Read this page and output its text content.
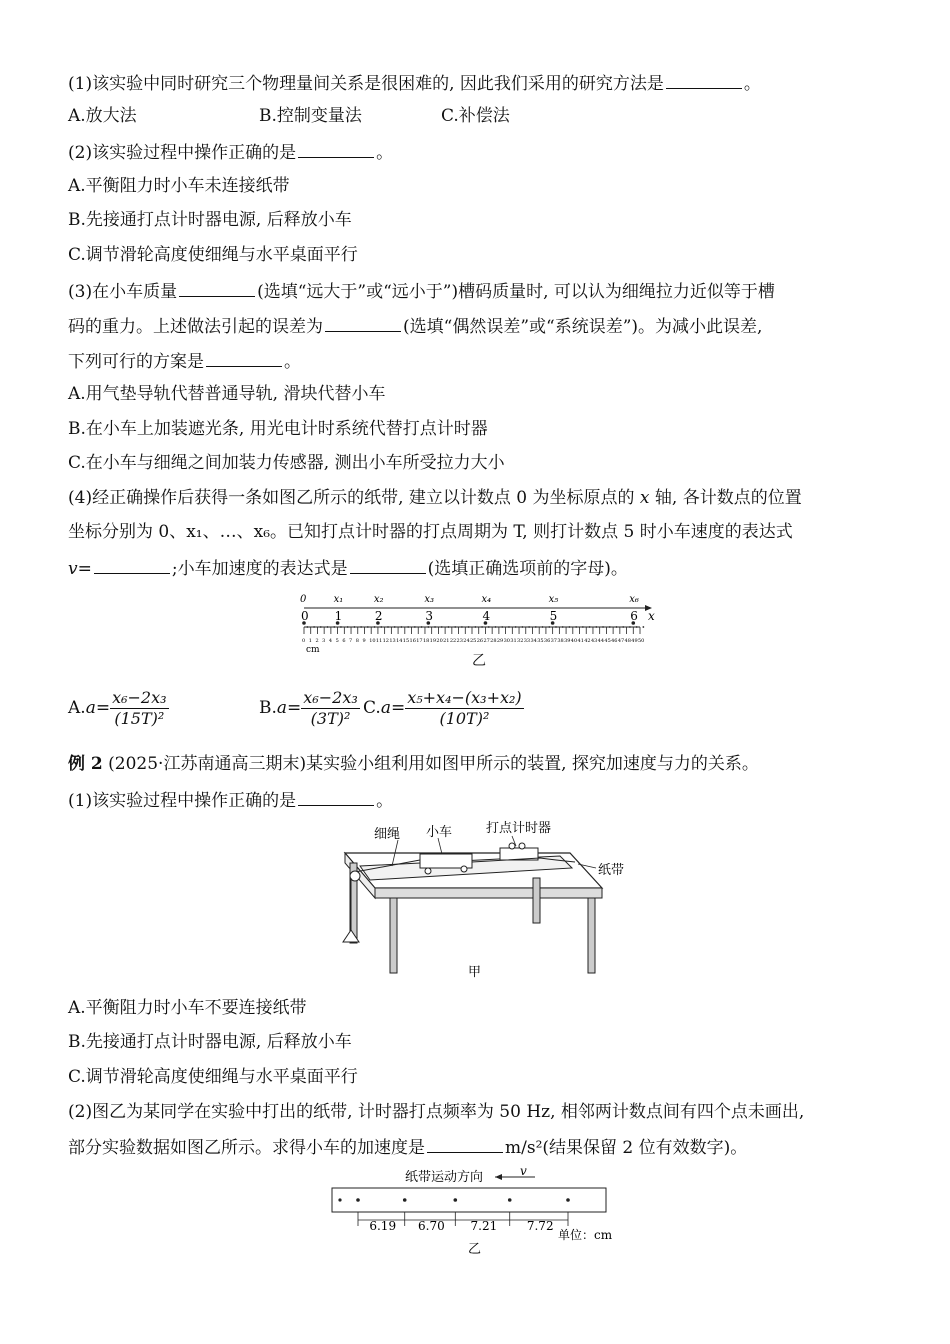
(1)该实验中同时研究三个物理量间关系是很困难的, 因此我们采用的研究方法是	。
A.放大法	B.控制变量法	C.补偿法
(2)该实验过程中操作正确的是	。
A.平衡阻力时小车未连接纸带
B.先接通打点计时器电源, 后释放小车
C.调节滑轮高度使细绳与水平桌面平行
(3)在小车质量	(选填“远大于”或“远小于”)槽码质量时, 可以认为细绳拉力近似等于槽
码的重力。上述做法引起的误差为	(选填“偶然误差”或“系统误差”)。为减小此误差,
下列可行的方案是	。
A.用气垫导轨代替普通导轨, 滑块代替小车
B.在小车上加装遮光条, 用光电计时系统代替打点计时器
C.在小车与细绳之间加装力传感器, 测出小车所受拉力大小
(4)经正确操作后获得一条如图乙所示的纸带, 建立以计数点 0 为坐标原点的 x 轴, 各计数点的位置
坐标分别为 0、x₁、…、x₆。已知打点计时器的打点周期为 T, 则打计数点 5 时小车速度的表达式
v=	;小车加速度的表达式是	(选填正确选项前的字母)。
x
0 1 2 3 4 5 6 7 8 9 10 11 12 13 14 15 16 17 18 19 20 21 22 23 24 25 26 27 28 29 30 31 32 33 34 35 36 37 38 39 40 41 42 43 44 45 46 47 48 49 50
cm
0
0
1
x₁
2
x₂
3
x₃
4
x₄
5
x₅
6
x₆
乙
$A.a= \frac{\text{x₆−2x₃}}{\text{(15T)²}}$	$B.a= \frac{\text{x₆−2x₃}}{\text{(3T)²}} C.a= \frac{\text{x₅+x₄−(x₃+x₂)}}{\text{(10T)²}}$
例 2 (2025·江苏南通高三期末)某实验小组利用如图甲所示的装置, 探究加速度与力的关系。
(1)该实验过程中操作正确的是	。
细绳 小车	打点计时器
纸带
甲
A.平衡阻力时小车不要连接纸带
B.先接通打点计时器电源, 后释放小车
C.调节滑轮高度使细绳与水平桌面平行
(2)图乙为某同学在实验中打出的纸带, 计时器打点频率为 50 Hz, 相邻两计数点间有四个点未画出,
部分实验数据如图乙所示。求得小车的加速度是	m/s²(结果保留 2 位有效数字)。
纸带运动方向	v
6.19 6.70 7.21 7.72
单位：cm
乙
